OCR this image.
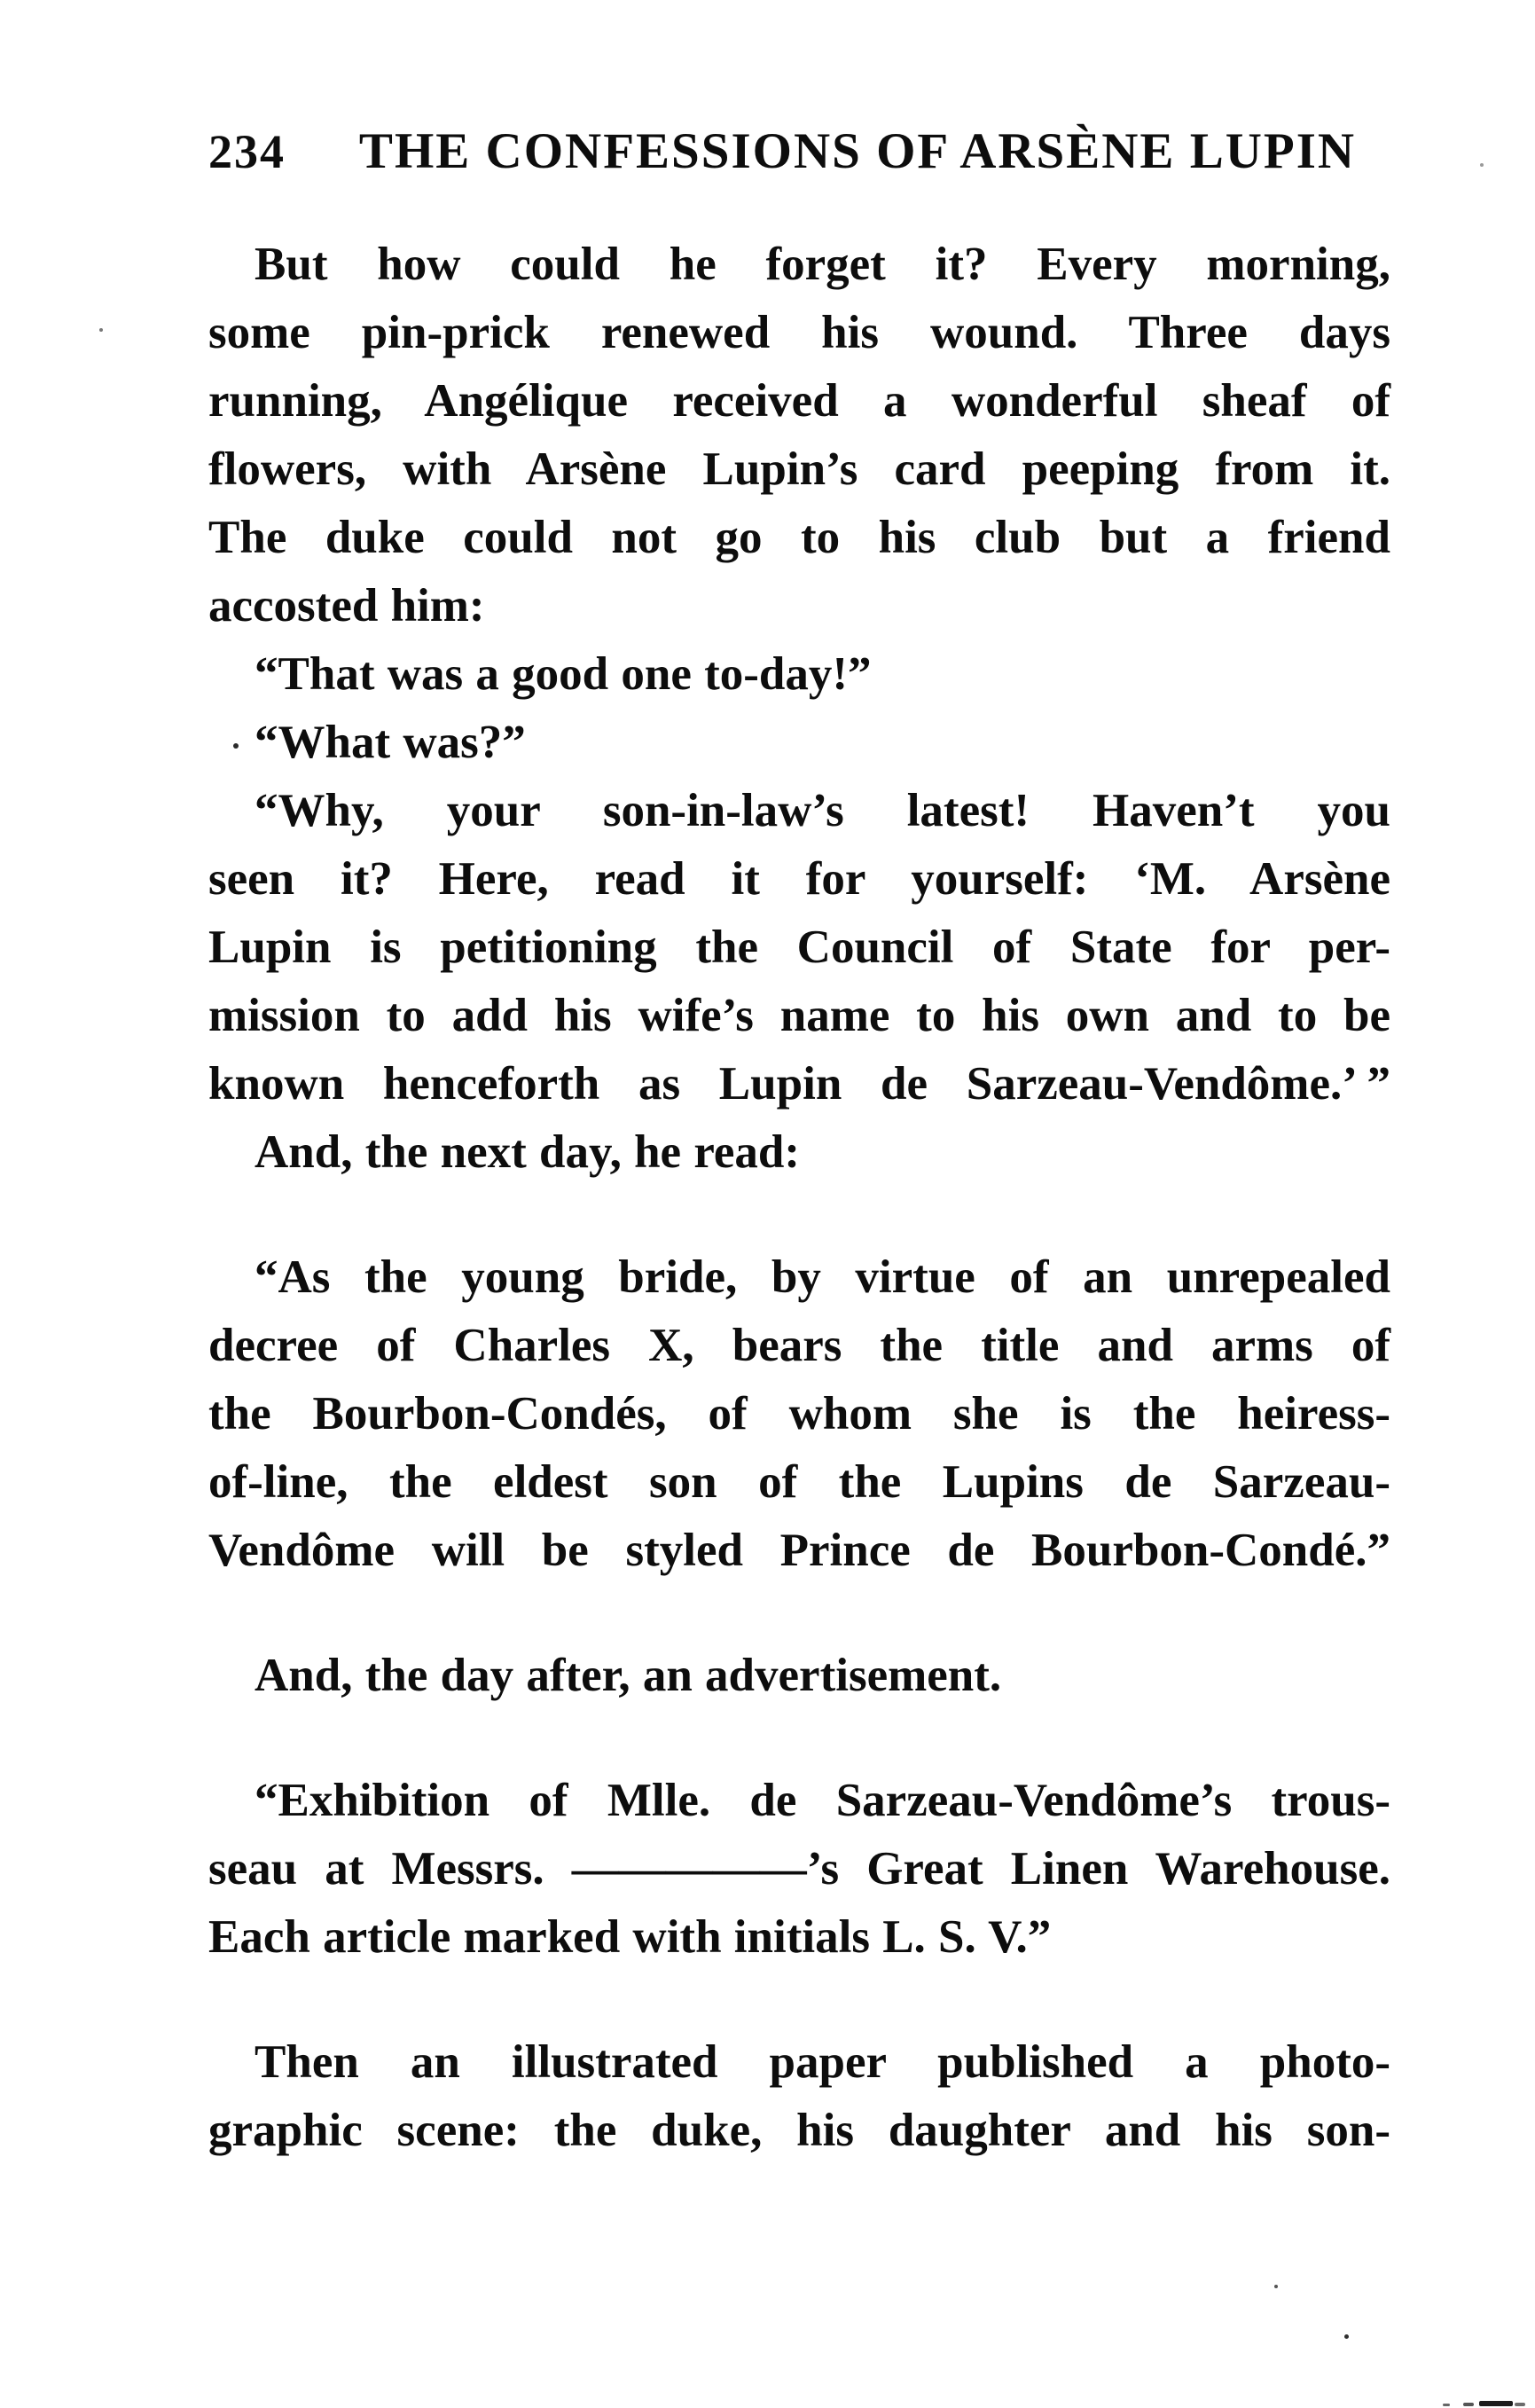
234	THE CONFESSIONS OF ARSÈNE LUPIN

But how could he forget it? Every morning,
some pin-prick renewed his wound. Three days
running, Angélique received a wonderful sheaf of
flowers, with Arsène Lupin’s card peeping from it.
The duke could not go to his club but a friend
accosted him:

“That was a good one to-day!”

“What was?”

“Why, your son-in-law’s latest! Haven’t you
seen it? Here, read it for yourself: ‘M. Arsène
Lupin is petitioning the Council of State for per-
mission to add his wife’s name to his own and to be
known henceforth as Lupin de Sarzeau-Vendôme.’ ”

And, the next day, he read:

“As the young bride, by virtue of an unrepealed
decree of Charles X, bears the title and arms of
the Bourbon-Condés, of whom she is the heiress-
of-line, the eldest son of the Lupins de Sarzeau-
Vendôme will be styled Prince de Bourbon-Condé.”

And, the day after, an advertisement.

“Exhibition of Mlle. de Sarzeau-Vendôme’s trous-
seau at Messrs. —————’s Great Linen Warehouse.
Each article marked with initials L. S. V.”

Then an illustrated paper published a photo-
graphic scene: the duke, his daughter and his son-
